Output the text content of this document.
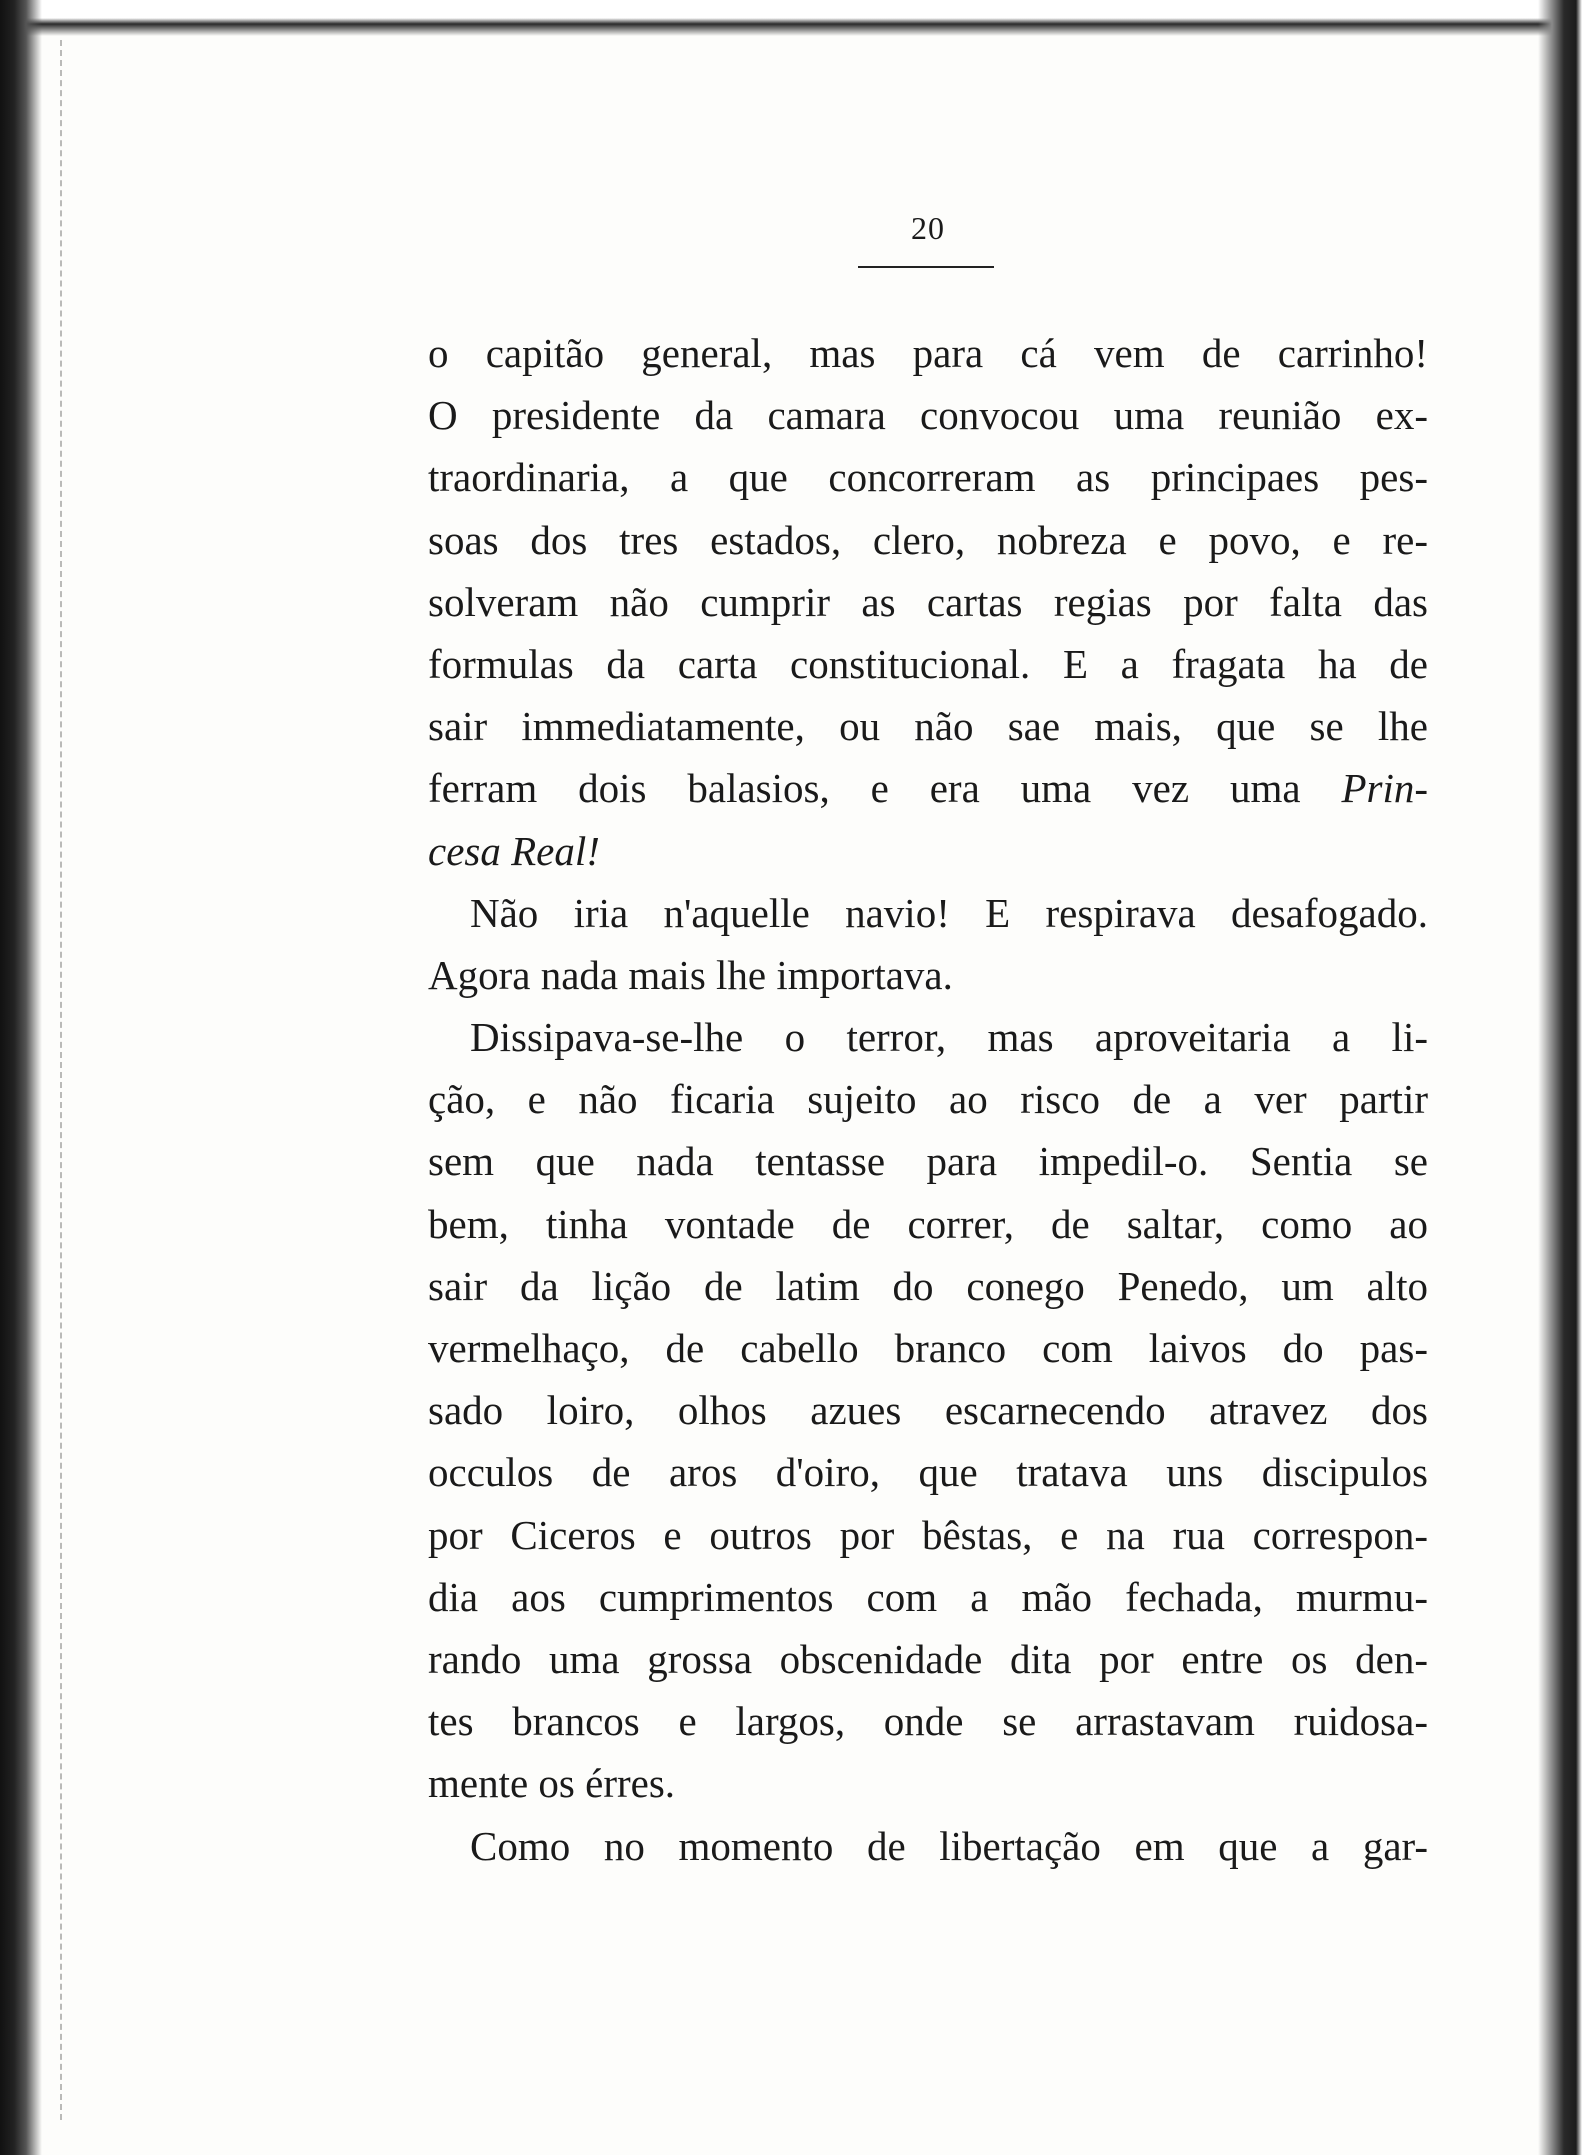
20
o capitão general, mas para cá vem de carrinho!
O presidente da camara convocou uma reunião ex-
traordinaria, a que concorreram as principaes pes-
soas dos tres estados, clero, nobreza e povo, e re-
solveram não cumprir as cartas regias por falta das
formulas da carta constitucional. E a fragata ha de
sair immediatamente, ou não sae mais, que se lhe
ferram dois balasios, e era uma vez uma Prin-
cesa Real!
Não iria n'aquelle navio! E respirava desafogado.
Agora nada mais lhe importava.
Dissipava-se-lhe o terror, mas aproveitaria a li-
ção, e não ficaria sujeito ao risco de a ver partir
sem que nada tentasse para impedil-o. Sentia se
bem, tinha vontade de correr, de saltar, como ao
sair da lição de latim do conego Penedo, um alto
vermelhaço, de cabello branco com laivos do pas-
sado loiro, olhos azues escarnecendo atravez dos
occulos de aros d'oiro, que tratava uns discipulos
por Ciceros e outros por bêstas, e na rua correspon-
dia aos cumprimentos com a mão fechada, murmu-
rando uma grossa obscenidade dita por entre os den-
tes brancos e largos, onde se arrastavam ruidosa-
mente os érres.
Como no momento de libertação em que a gar-
